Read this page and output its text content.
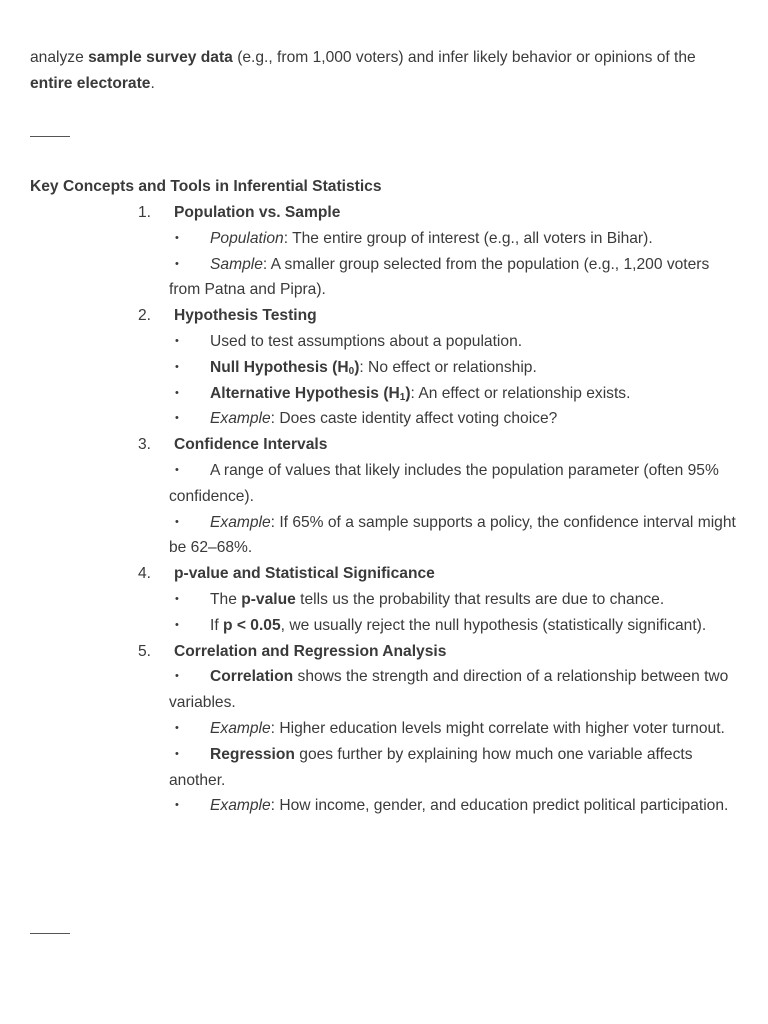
analyze sample survey data (e.g., from 1,000 voters) and infer likely behavior or opinions of the entire electorate.

Key Concepts and Tools in Inferential Statistics

1. Population vs. Sample

• Population: The entire group of interest (e.g., all voters in Bihar).

• Sample: A smaller group selected from the population (e.g., 1,200 voters from Patna and Pipra).

2. Hypothesis Testing

• Used to test assumptions about a population.

• Null Hypothesis $(H_0)$: No effect or relationship.

• Alternative Hypothesis $(H_1)$: An effect or relationship exists.

• Example: Does caste identity affect voting choice?

3. Confidence Intervals

• A range of values that likely includes the population parameter (often 95% confidence).

• Example: If 65% of a sample supports a policy, the confidence interval might be 62–68%.

4. p-value and Statistical Significance

• The p-value tells us the probability that results are due to chance.

• If p < 0.05, we usually reject the null hypothesis (statistically significant).

5. Correlation and Regression Analysis

• Correlation shows the strength and direction of a relationship between two variables.

• Example: Higher education levels might correlate with higher voter turnout.

• Regression goes further by explaining how much one variable affects another.

• Example: How income, gender, and education predict political participation.
